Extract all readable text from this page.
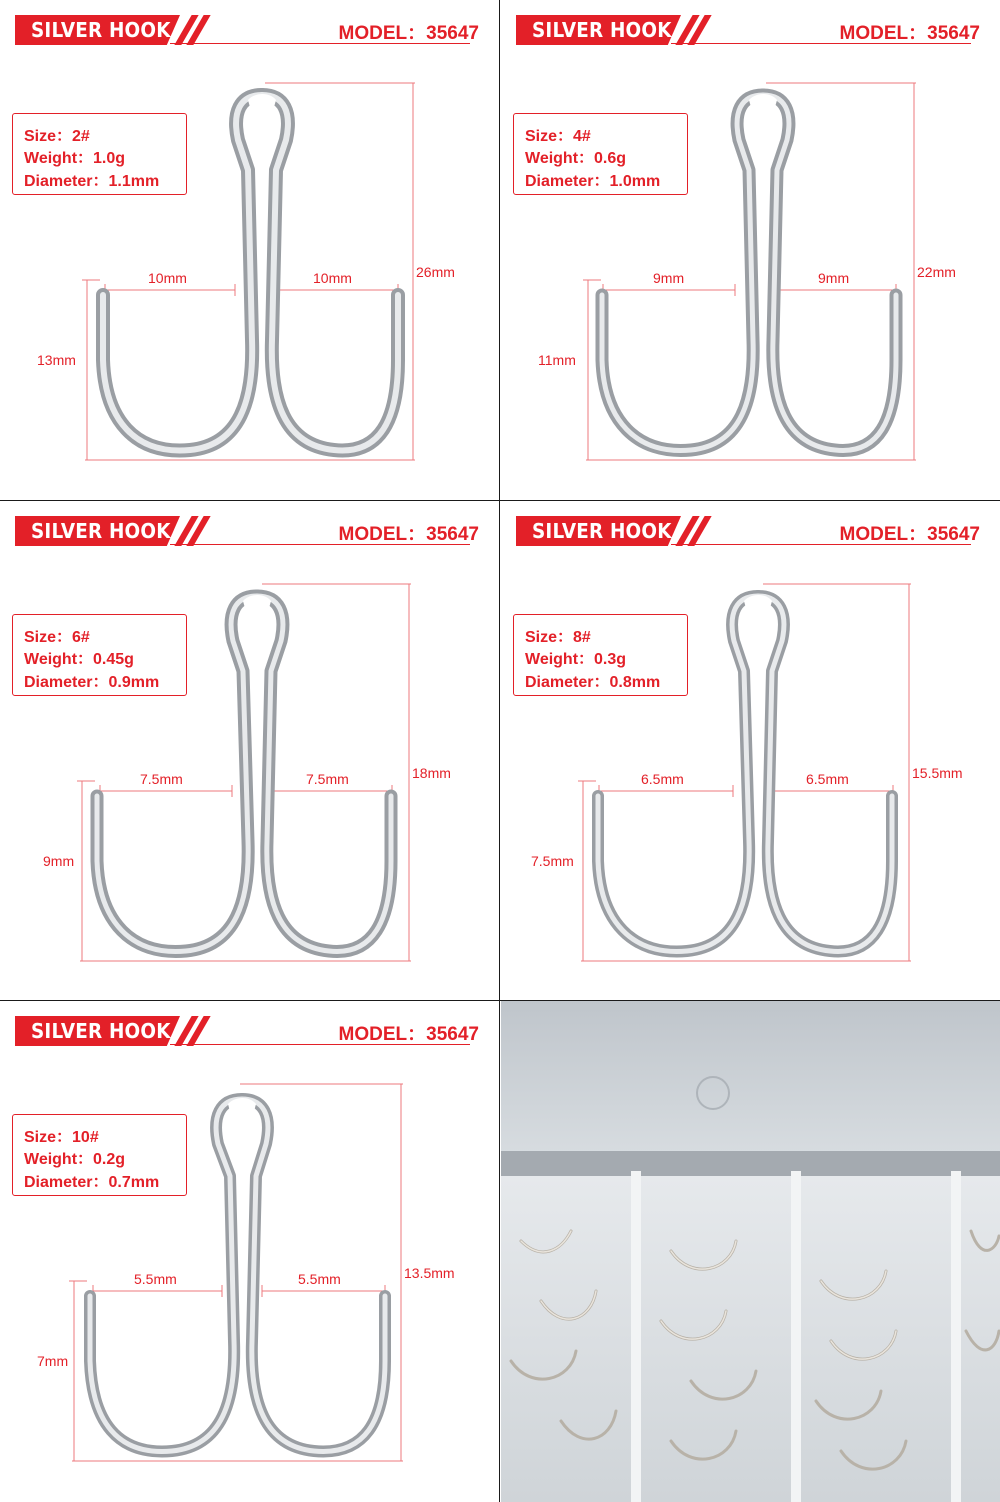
SILVER HOOK	MODEL：35647
Size：2#
Weight：1.0g
Diameter：1.1mm
10mm	10mm	26mm
13mm
SILVER HOOK	MODEL：35647
Size：4#
Weight：0.6g
Diameter：1.0mm
9mm	9mm	22mm
11mm
SILVER HOOK	MODEL：35647
Size：6#
Weight：0.45g
Diameter：0.9mm
7.5mm	7.5mm	18mm
9mm
SILVER HOOK	MODEL：35647
Size：8#
Weight：0.3g
Diameter：0.8mm
6.5mm	6.5mm	15.5mm
7.5mm
SILVER HOOK	MODEL：35647
Size：10#
Weight：0.2g
Diameter：0.7mm
5.5mm	5.5mm	13.5mm
7mm
